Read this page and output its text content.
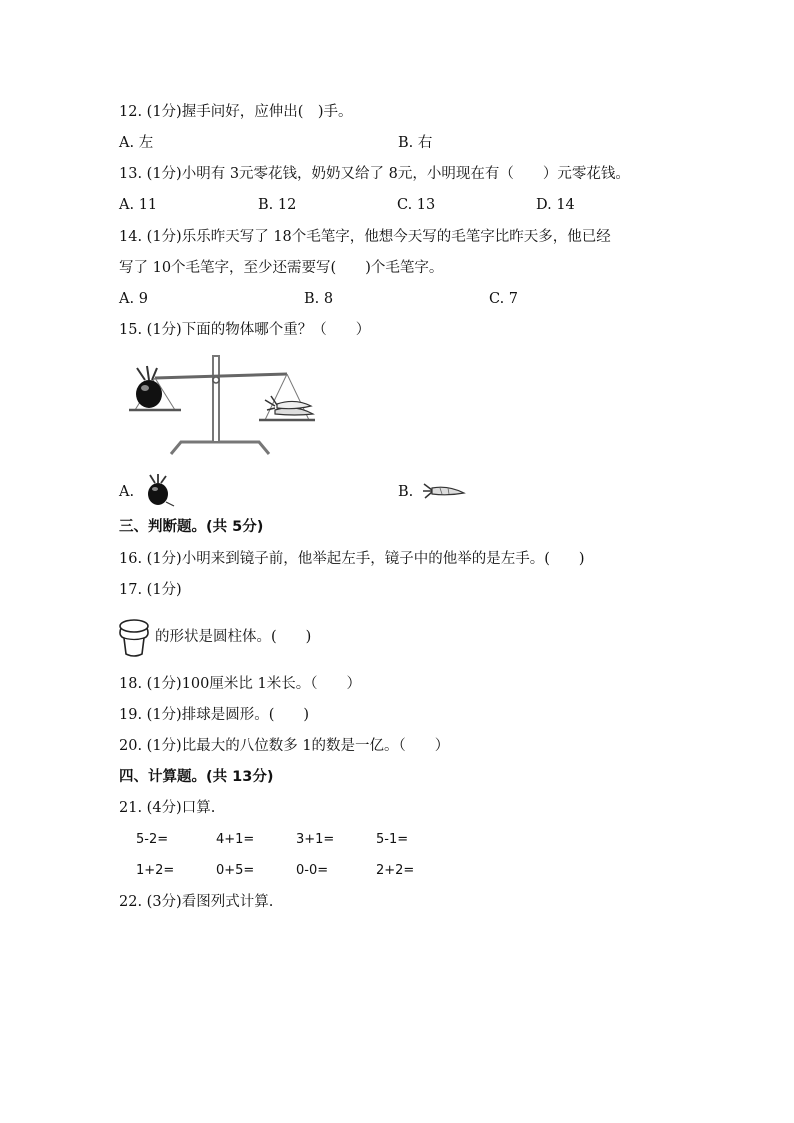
12. (1分)握手问好，应伸出(　)手。
A. 左	B. 右
13. (1分)小明有 3元零花钱，奶奶又给了 8元，小明现在有（　　）元零花钱。
A. 11	B. 12	C. 13	D. 14
14. (1分)乐乐昨天写了 18个毛笔字，他想今天写的毛笔字比昨天多，他已经
写了 10个毛笔字，至少还需要写(　　)个毛笔字。
A. 9	B. 8	C. 7
15. (1分)下面的物体哪个重？（　　）
A.	B.
三、判断题。(共 5分)
16. (1分)小明来到镜子前，他举起左手，镜子中的他举的是左手。(　　)
17. (1分)
的形状是圆柱体。(　　)
18. (1分)100厘米比 1米长。（　　）
19. (1分)排球是圆形。(　　)
20. (1分)比最大的八位数多 1的数是一亿。（　　）
四、计算题。(共 13分)
21. (4分)口算.
5-2=	4+1=	3+1=	5-1=
1+2=	0+5=	0-0=	2+2=
22. (3分)看图列式计算.
